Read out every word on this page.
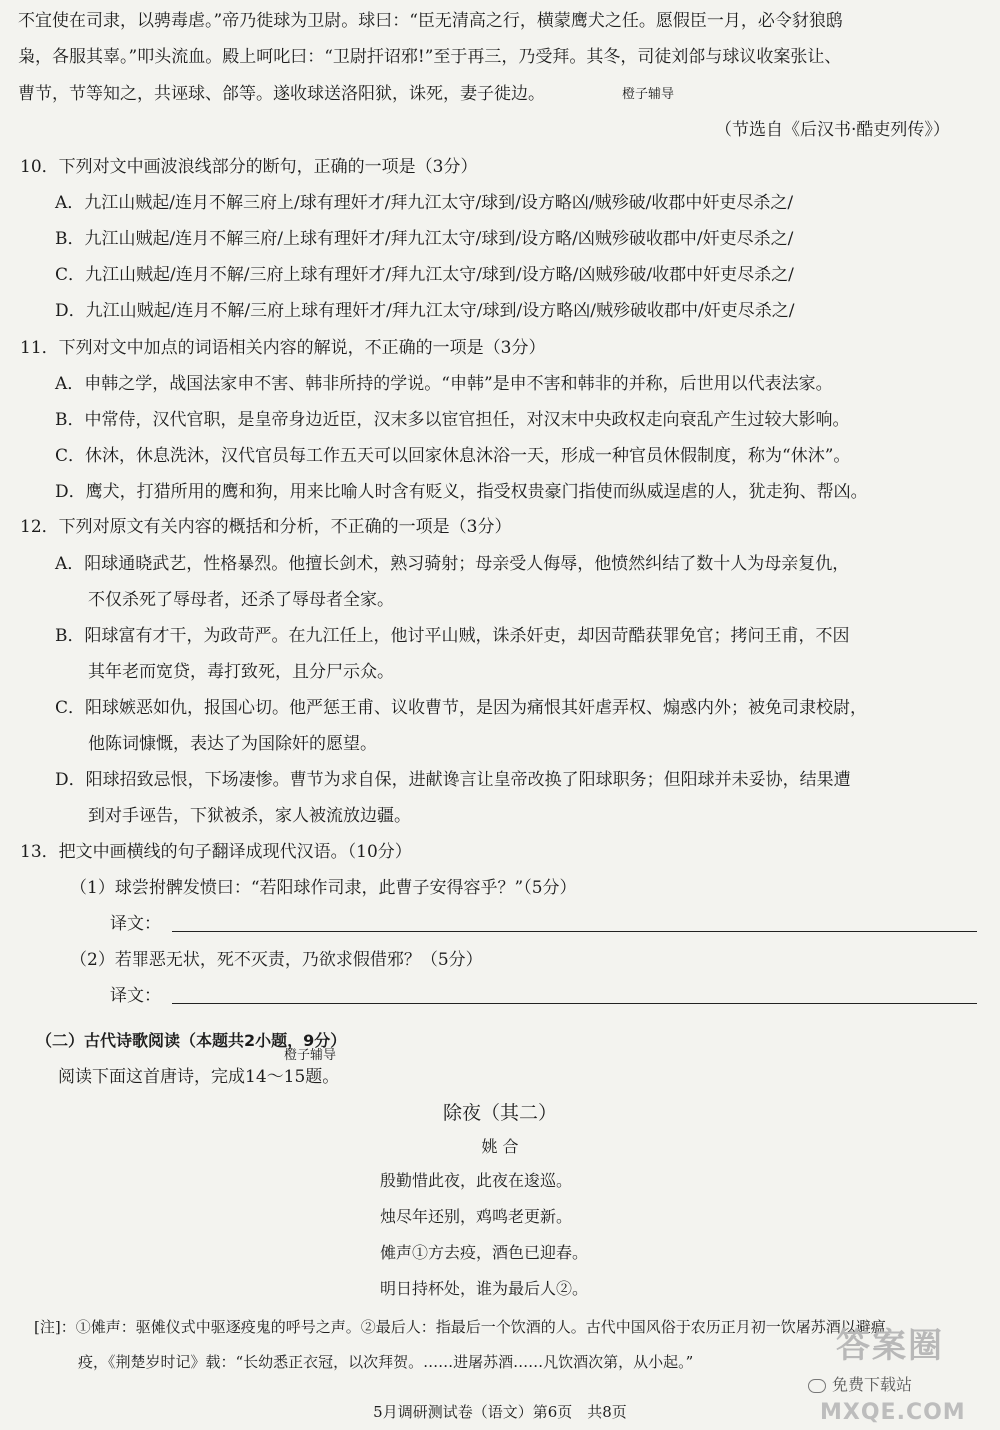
不宜使在司隶，以骋毒虐。”帝乃徙球为卫尉。球曰：“臣无清高之行，横蒙鹰犬之任。愿假臣一月，必令豺狼鸱
枭，各服其辜。”叩头流血。殿上呵叱曰：“卫尉扞诏邪!”至于再三，乃受拜。其冬，司徒刘郃与球议收案张让、
曹节，节等知之，共诬球、郃等。遂收球送洛阳狱，诛死，妻子徙边。	橙子辅导
（节选自《后汉书·酷吏列传》）
10．下列对文中画波浪线部分的断句，正确的一项是（3分）
A．九江山贼起/连月不解三府上/球有理奸才/拜九江太守/球到/设方略凶/贼殄破/收郡中奸吏尽杀之/
B．九江山贼起/连月不解三府/上球有理奸才/拜九江太守/球到/设方略/凶贼殄破收郡中/奸吏尽杀之/
C．九江山贼起/连月不解/三府上球有理奸才/拜九江太守/球到/设方略/凶贼殄破/收郡中奸吏尽杀之/
D．九江山贼起/连月不解/三府上球有理奸才/拜九江太守/球到/设方略凶/贼殄破收郡中/奸吏尽杀之/
11．下列对文中加点的词语相关内容的解说，不正确的一项是（3分）
A．申韩之学，战国法家申不害、韩非所持的学说。“申韩”是申不害和韩非的并称，后世用以代表法家。
B．中常侍，汉代官职，是皇帝身边近臣，汉末多以宦官担任，对汉末中央政权走向衰乱产生过较大影响。
C．休沐，休息洗沐，汉代官员每工作五天可以回家休息沐浴一天，形成一种官员休假制度，称为“休沐”。
D．鹰犬，打猎所用的鹰和狗，用来比喻人时含有贬义，指受权贵豪门指使而纵威逞虐的人，犹走狗、帮凶。
12．下列对原文有关内容的概括和分析，不正确的一项是（3分）
A．阳球通晓武艺，性格暴烈。他擅长剑术，熟习骑射；母亲受人侮辱，他愤然纠结了数十人为母亲复仇，
不仅杀死了辱母者，还杀了辱母者全家。
B．阳球富有才干，为政苛严。在九江任上，他讨平山贼，诛杀奸吏，却因苛酷获罪免官；拷问王甫，不因
其年老而宽贷，毒打致死，且分尸示众。
C．阳球嫉恶如仇，报国心切。他严惩王甫、议收曹节，是因为痛恨其奸虐弄权、煽惑内外；被免司隶校尉，
他陈词慷慨，表达了为国除奸的愿望。
D．阳球招致忌恨，下场凄惨。曹节为求自保，进献谗言让皇帝改换了阳球职务；但阳球并未妥协，结果遭
到对手诬告，下狱被杀，家人被流放边疆。
13．把文中画横线的句子翻译成现代汉语。（10分）
（1）球尝拊髀发愤曰：“若阳球作司隶，此曹子安得容乎？”（5分）
译文：
（2）若罪恶无状，死不灭责，乃欲求假借邪？（5分）
译文：
（二）古代诗歌阅读（本题共2小题，9分）
橙子辅导
阅读下面这首唐诗，完成14～15题。
除夜（其二）
姚 合
殷勤惜此夜，此夜在逡巡。
烛尽年还别，鸡鸣老更新。
傩声①方去疫，酒色已迎春。
明日持杯处，谁为最后人②。
[注]：①傩声：驱傩仪式中驱逐疫鬼的呼号之声。②最后人：指最后一个饮酒的人。古代中国风俗于农历正月初一饮屠苏酒以避瘟
疫，《荆楚岁时记》载：“长幼悉正衣冠，以次拜贺。……进屠苏酒……凡饮酒次第，从小起。”
5月调研测试卷（语文）第6页　共8页
答案圈
免费下载站
MXQE.COM
